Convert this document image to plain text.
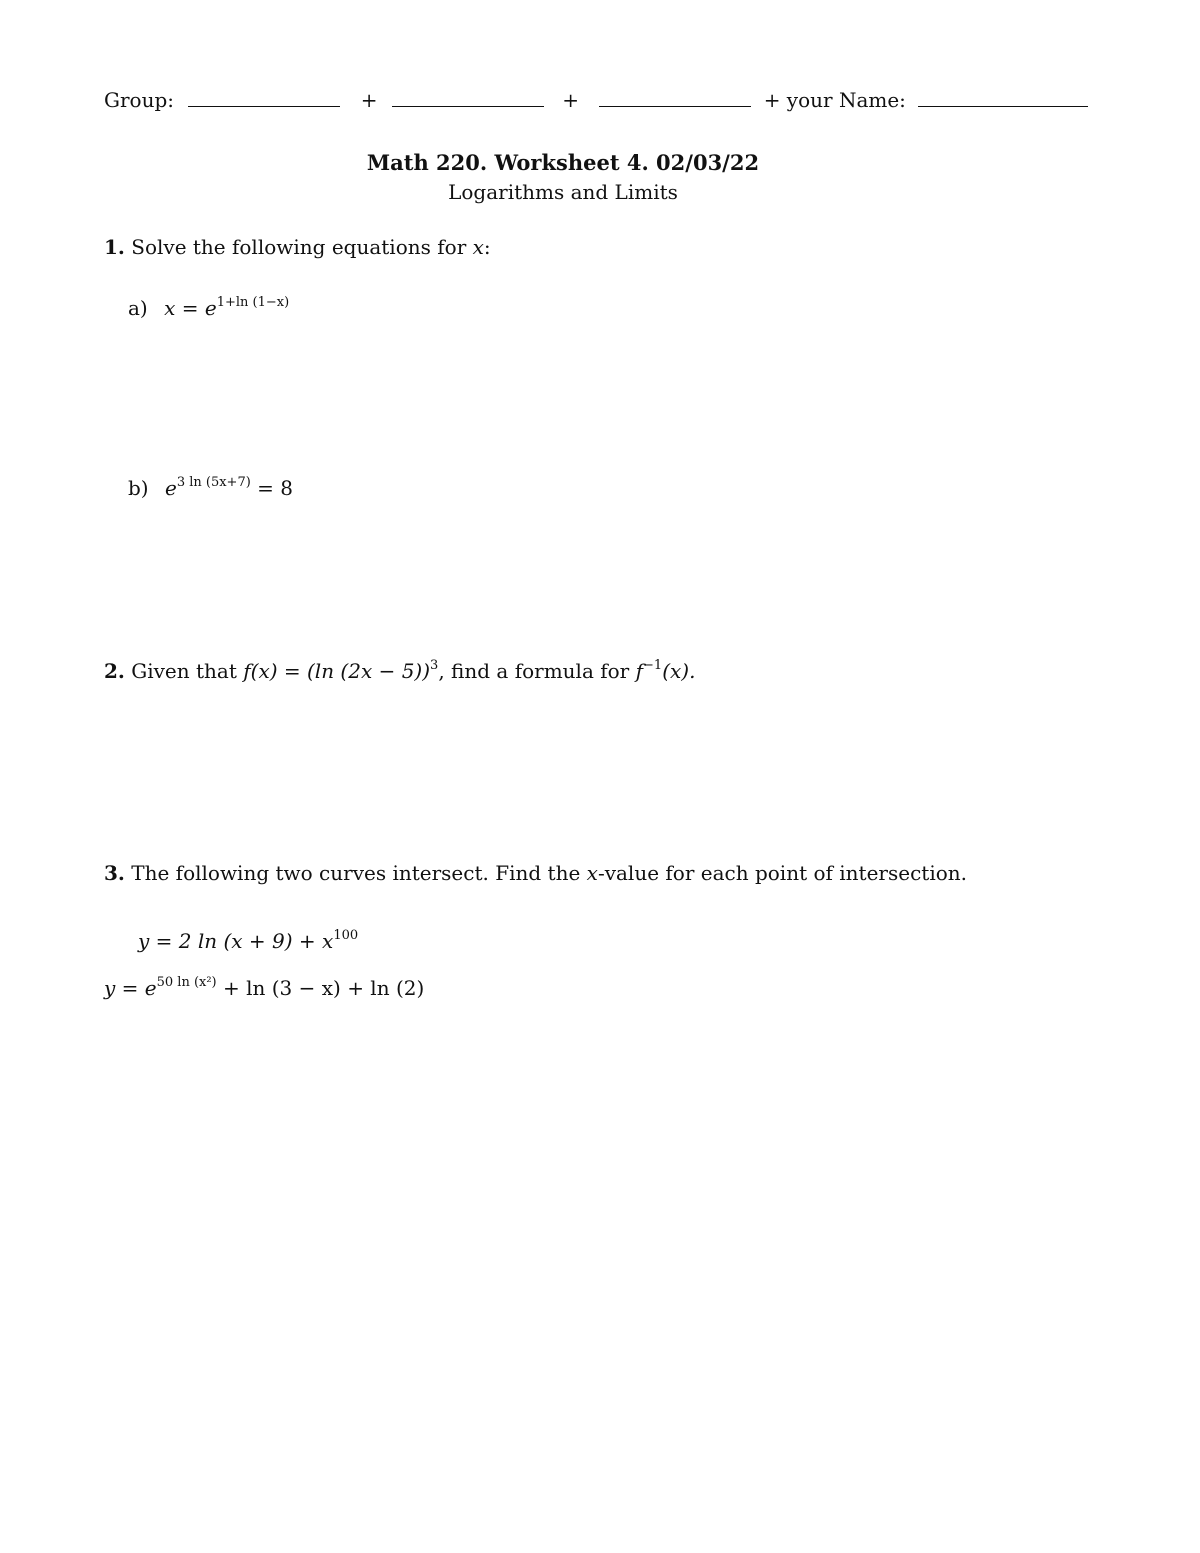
Group:	+	+	+ your Name:
Math 220. Worksheet 4. 02/03/22
Logarithms and Limits
1. Solve the following equations for x:
a) $x = e^{1+ln (1-x)}$
b) $e^{3 ln (5x+7)} = 8$
2. Given that f(x) = (ln (2x − 5))$^3$, find a formula for $f^{-1}(x)$.
3. The following two curves intersect. Find the x-value for each point of intersection.
y = 2 $\ln (x + 9) + x^{100}$
$y = e^{50 ln (x^2)} + \ln (3 - x) + \ln (2)$
